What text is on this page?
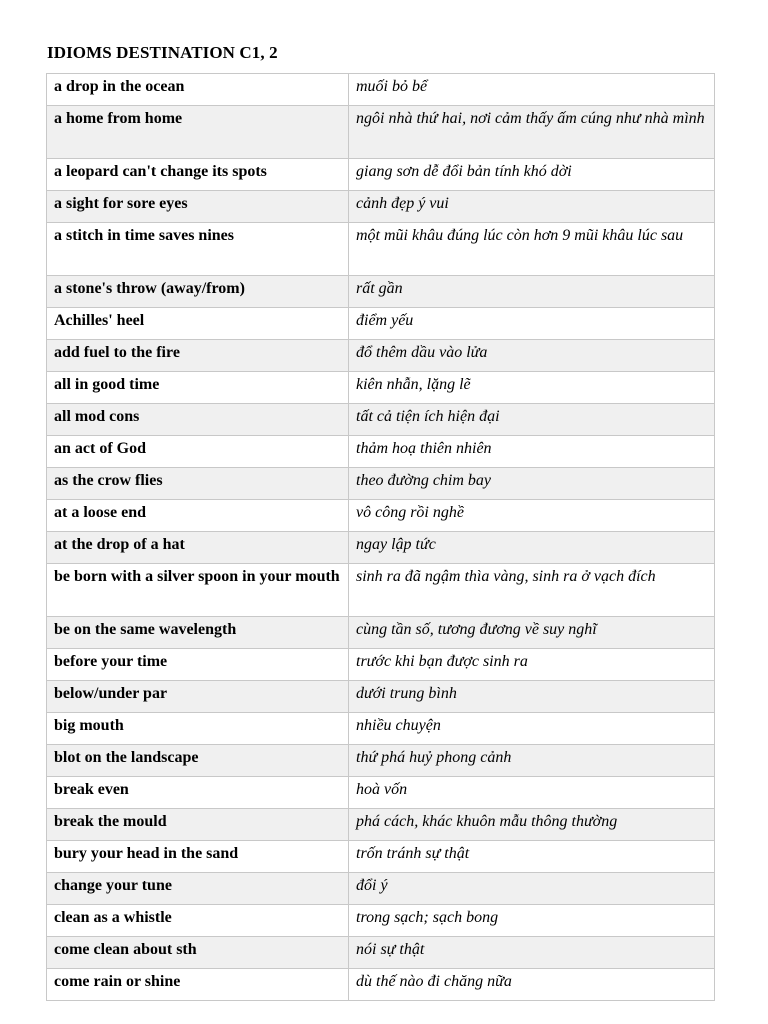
IDIOMS DESTINATION C1, 2
a drop in the ocean	muối bỏ bể
a home from home	ngôi nhà thứ hai, nơi cảm thấy ấm cúng như nhà mình
a leopard can't change its spots	giang sơn dễ đổi bản tính khó dời
a sight for sore eyes	cảnh đẹp ý vui
a stitch in time saves nines	một mũi khâu đúng lúc còn hơn 9 mũi khâu lúc sau
a stone's throw (away/from)	rất gần
Achilles' heel	điểm yếu
add fuel to the fire	đổ thêm dầu vào lửa
all in good time	kiên nhẫn, lặng lẽ
all mod cons	tất cả tiện ích hiện đại
an act of God	thảm hoạ thiên nhiên
as the crow flies	theo đường chim bay
at a loose end	vô công rồi nghề
at the drop of a hat	ngay lập tức
be born with a silver spoon in your mouth	sinh ra đã ngậm thìa vàng, sinh ra ở vạch đích
be on the same wavelength	cùng tần số, tương đương về suy nghĩ
before your time	trước khi bạn được sinh ra
below/under par	dưới trung bình
big mouth	nhiều chuyện
blot on the landscape	thứ phá huỷ phong cảnh
break even	hoà vốn
break the mould	phá cách, khác khuôn mẫu thông thường
bury your head in the sand	trốn tránh sự thật
change your tune	đổi ý
clean as a whistle	trong sạch; sạch bong
come clean about sth	nói sự thật
come rain or shine	dù thế nào đi chăng nữa
